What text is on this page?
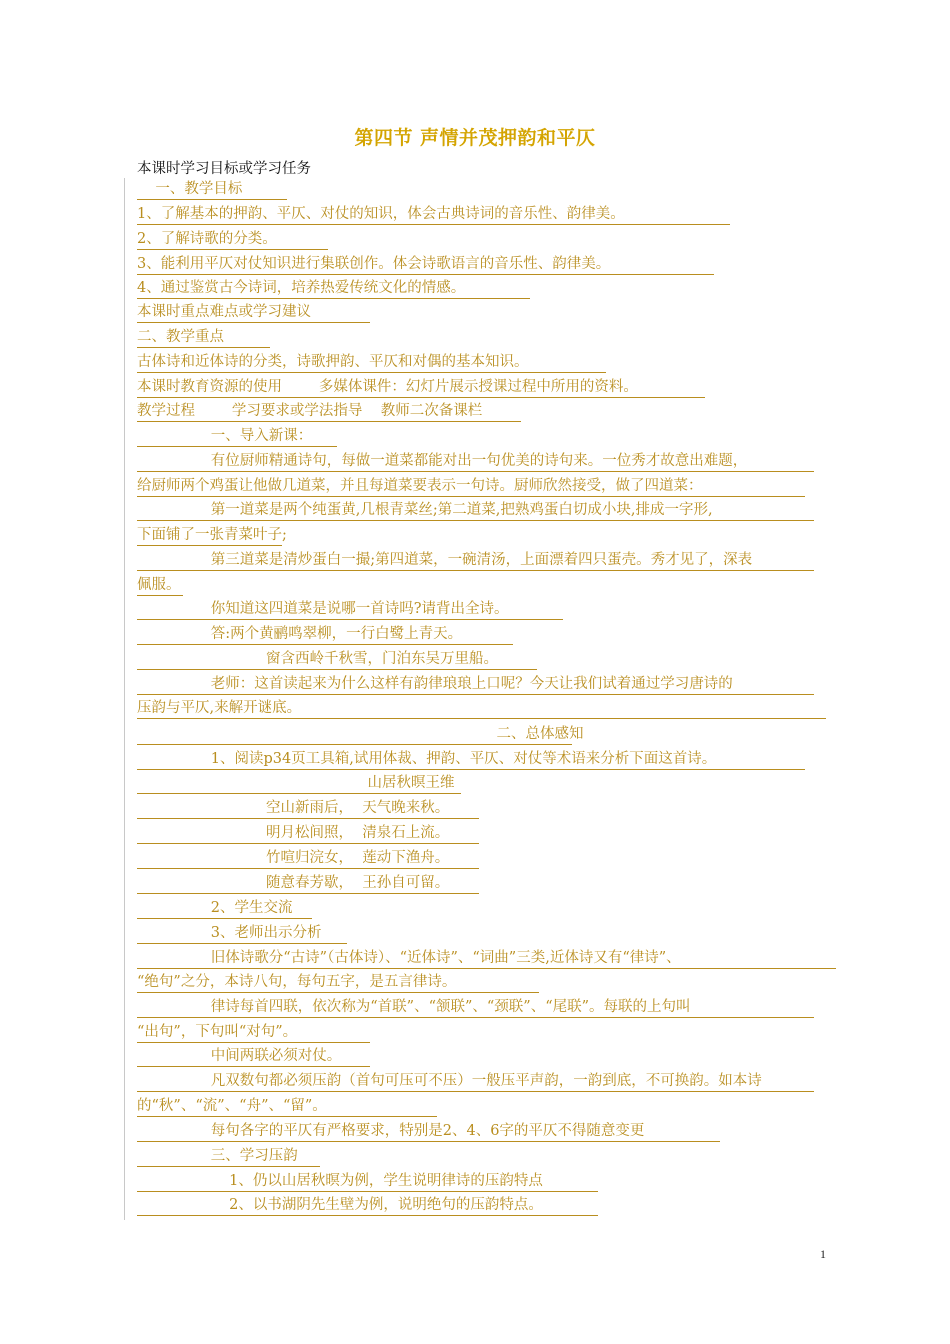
第四节 声情并茂押韵和平仄
本课时学习目标或学习任务
一、教学目标
1、了解基本的押韵、平仄、对仗的知识，体会古典诗词的音乐性、韵律美。
2、了解诗歌的分类。
3、能利用平仄对仗知识进行集联创作。体会诗歌语言的音乐性、韵律美。
4、通过鉴赏古今诗词，培养热爱传统文化的情感。
本课时重点难点或学习建议
二、教学重点
古体诗和近体诗的分类，诗歌押韵、平仄和对偶的基本知识。
本课时教育资源的使用        多媒体课件：幻灯片展示授课过程中所用的资料。
教学过程        学习要求或学法指导    教师二次备课栏
一、导入新课：
有位厨师精通诗句，每做一道菜都能对出一句优美的诗句来。一位秀才故意出难题，
给厨师两个鸡蛋让他做几道菜，并且每道菜要表示一句诗。厨师欣然接受，做了四道菜：
第一道菜是两个纯蛋黄,几根青菜丝;第二道菜,把熟鸡蛋白切成小块,排成一字形,
下面铺了一张青菜叶子;
第三道菜是清炒蛋白一撮;第四道菜，一碗清汤，上面漂着四只蛋壳。秀才见了，深表
佩服。
你知道这四道菜是说哪一首诗吗?请背出全诗。
答:两个黄鹂鸣翠柳，一行白鹭上青天。
窗含西岭千秋雪，门泊东吴万里船。
老师：这首读起来为什么这样有韵律琅琅上口呢？今天让我们试着通过学习唐诗的
压韵与平仄,来解开谜底。
二、总体感知
1、阅读p34页工具箱,试用体裁、押韵、平仄、对仗等术语来分析下面这首诗。
山居秋暝王维
空山新雨后，  天气晚来秋。
明月松间照，  清泉石上流。
竹喧归浣女，  莲动下渔舟。
随意春芳歇，  王孙自可留。
2、学生交流
3、老师出示分析
旧体诗歌分“古诗”（古体诗）、“近体诗”、“词曲”三类,近体诗又有“律诗”、
“绝句”之分，本诗八句，每句五字，是五言律诗。
律诗每首四联，依次称为“首联”、“颔联”、“颈联”、“尾联”。每联的上句叫
“出句”，下句叫“对句”。
中间两联必须对仗。
凡双数句都必须压韵（首句可压可不压）一般压平声韵，一韵到底，不可换韵。如本诗
的“秋”、“流”、“舟”、“留”。
每句各字的平仄有严格要求，特别是2、4、6字的平仄不得随意变更
三、学习压韵
1、仍以山居秋暝为例，学生说明律诗的压韵特点
2、以书湖阴先生壁为例，说明绝句的压韵特点。
1
